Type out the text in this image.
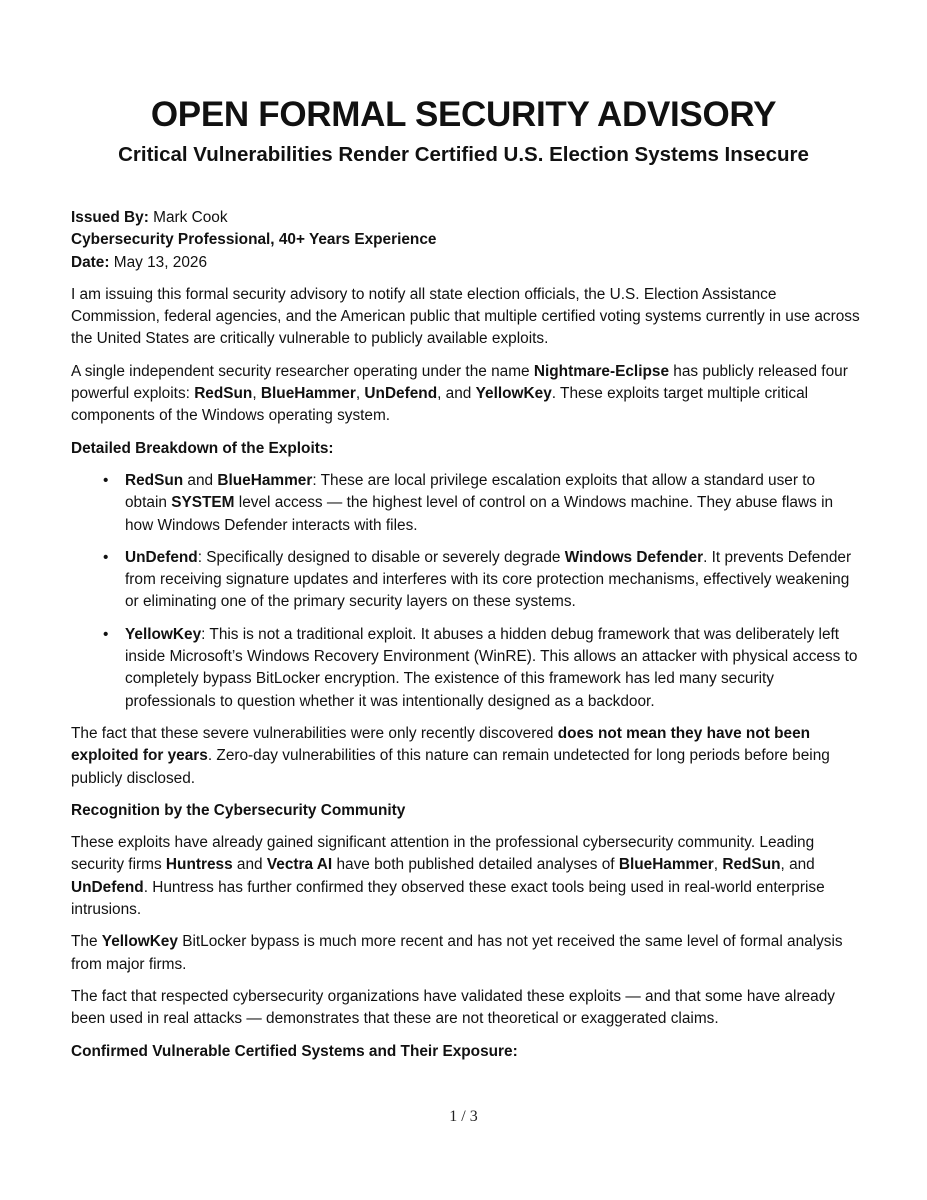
OPEN FORMAL SECURITY ADVISORY
Critical Vulnerabilities Render Certified U.S. Election Systems Insecure
Issued By: Mark Cook
Cybersecurity Professional, 40+ Years Experience
Date: May 13, 2026

I am issuing this formal security advisory to notify all state election officials, the U.S. Election Assistance Commission, federal agencies, and the American public that multiple certified voting systems currently in use across the United States are critically vulnerable to publicly available exploits.

A single independent security researcher operating under the name Nightmare-Eclipse has publicly released four powerful exploits: RedSun, BlueHammer, UnDefend, and YellowKey. These exploits target multiple critical components of the Windows operating system.

Detailed Breakdown of the Exploits:

• RedSun and BlueHammer: These are local privilege escalation exploits that allow a standard user to obtain SYSTEM level access — the highest level of control on a Windows machine. They abuse flaws in how Windows Defender interacts with files.
• UnDefend: Specifically designed to disable or severely degrade Windows Defender. It prevents Defender from receiving signature updates and interferes with its core protection mechanisms, effectively weakening or eliminating one of the primary security layers on these systems.
• YellowKey: This is not a traditional exploit. It abuses a hidden debug framework that was deliberately left inside Microsoft’s Windows Recovery Environment (WinRE). This allows an attacker with physical access to completely bypass BitLocker encryption. The existence of this framework has led many security professionals to question whether it was intentionally designed as a backdoor.

The fact that these severe vulnerabilities were only recently discovered does not mean they have not been exploited for years. Zero-day vulnerabilities of this nature can remain undetected for long periods before being publicly disclosed.

Recognition by the Cybersecurity Community

These exploits have already gained significant attention in the professional cybersecurity community. Leading security firms Huntress and Vectra AI have both published detailed analyses of BlueHammer, RedSun, and UnDefend. Huntress has further confirmed they observed these exact tools being used in real-world enterprise intrusions.

The YellowKey BitLocker bypass is much more recent and has not yet received the same level of formal analysis from major firms.

The fact that respected cybersecurity organizations have validated these exploits — and that some have already been used in real attacks — demonstrates that these are not theoretical or exaggerated claims.

Confirmed Vulnerable Certified Systems and Their Exposure:

1 / 3
